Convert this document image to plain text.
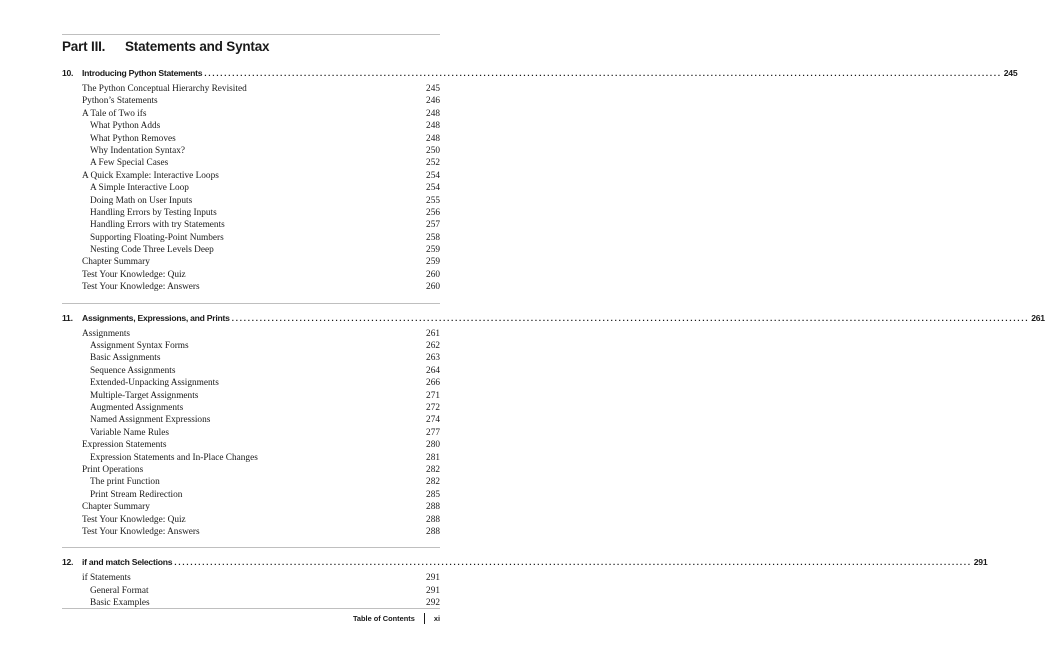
Part III. Statements and Syntax
10.	Introducing Python Statements ........................................................................................................................................................................................................ 245
The Python Conceptual Hierarchy Revisited	245
Python’s Statements	246
A Tale of Two ifs	248
What Python Adds	248
What Python Removes	248
Why Indentation Syntax?	250
A Few Special Cases	252
A Quick Example: Interactive Loops	254
A Simple Interactive Loop	254
Doing Math on User Inputs	255
Handling Errors by Testing Inputs	256
Handling Errors with try Statements	257
Supporting Floating-Point Numbers	258
Nesting Code Three Levels Deep	259
Chapter Summary	259
Test Your Knowledge: Quiz	260
Test Your Knowledge: Answers	260
11.	Assignments, Expressions, and Prints ........................................................................................................................................................................................................ 261
Assignments	261
Assignment Syntax Forms	262
Basic Assignments	263
Sequence Assignments	264
Extended-Unpacking Assignments	266
Multiple-Target Assignments	271
Augmented Assignments	272
Named Assignment Expressions	274
Variable Name Rules	277
Expression Statements	280
Expression Statements and In-Place Changes	281
Print Operations	282
The print Function	282
Print Stream Redirection	285
Chapter Summary	288
Test Your Knowledge: Quiz	288
Test Your Knowledge: Answers	288
12.	if and match Selections ........................................................................................................................................................................................................ 291
if Statements	291
General Format	291
Basic Examples	292
Table of Contents	xi
